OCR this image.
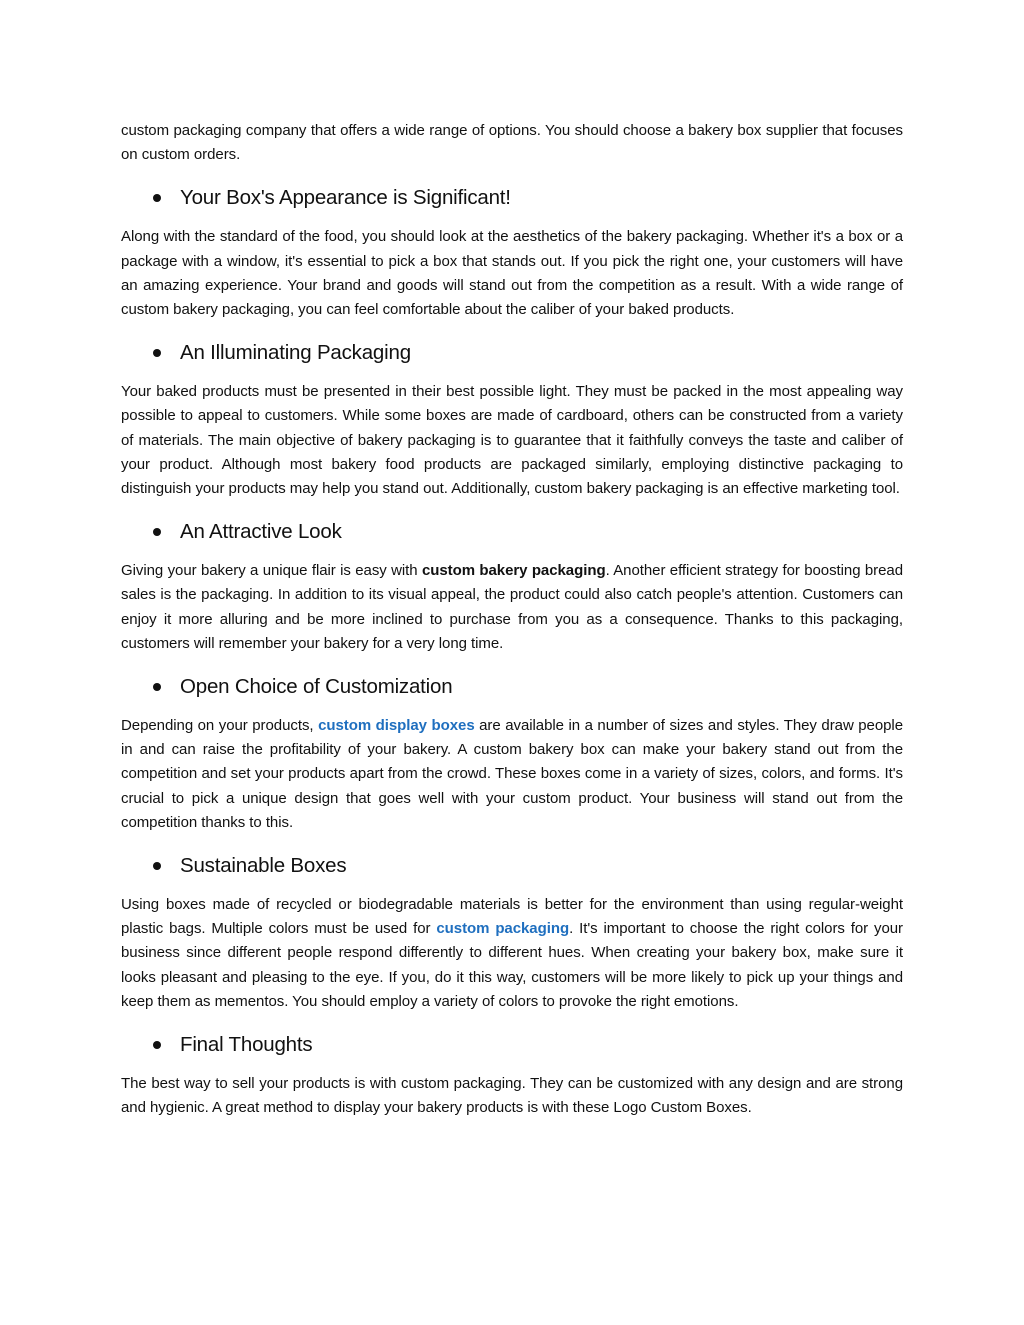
custom packaging company that offers a wide range of options. You should choose a bakery box supplier that focuses on custom orders.

Your Box's Appearance is Significant!

Along with the standard of the food, you should look at the aesthetics of the bakery packaging. Whether it's a box or a package with a window, it's essential to pick a box that stands out. If you pick the right one, your customers will have an amazing experience. Your brand and goods will stand out from the competition as a result. With a wide range of custom bakery packaging, you can feel comfortable about the caliber of your baked products.

An Illuminating Packaging

Your baked products must be presented in their best possible light. They must be packed in the most appealing way possible to appeal to customers. While some boxes are made of cardboard, others can be constructed from a variety of materials. The main objective of bakery packaging is to guarantee that it faithfully conveys the taste and caliber of your product. Although most bakery food products are packaged similarly, employing distinctive packaging to distinguish your products may help you stand out. Additionally, custom bakery packaging is an effective marketing tool.

An Attractive Look

Giving your bakery a unique flair is easy with custom bakery packaging. Another efficient strategy for boosting bread sales is the packaging. In addition to its visual appeal, the product could also catch people's attention. Customers can enjoy it more alluring and be more inclined to purchase from you as a consequence. Thanks to this packaging, customers will remember your bakery for a very long time.

Open Choice of Customization

Depending on your products, custom display boxes are available in a number of sizes and styles. They draw people in and can raise the profitability of your bakery. A custom bakery box can make your bakery stand out from the competition and set your products apart from the crowd. These boxes come in a variety of sizes, colors, and forms. It's crucial to pick a unique design that goes well with your custom product. Your business will stand out from the competition thanks to this.

Sustainable Boxes

Using boxes made of recycled or biodegradable materials is better for the environment than using regular-weight plastic bags. Multiple colors must be used for custom packaging. It's important to choose the right colors for your business since different people respond differently to different hues. When creating your bakery box, make sure it looks pleasant and pleasing to the eye. If you, do it this way, customers will be more likely to pick up your things and keep them as mementos. You should employ a variety of colors to provoke the right emotions.

Final Thoughts

The best way to sell your products is with custom packaging. They can be customized with any design and are strong and hygienic. A great method to display your bakery products is with these Logo Custom Boxes.
